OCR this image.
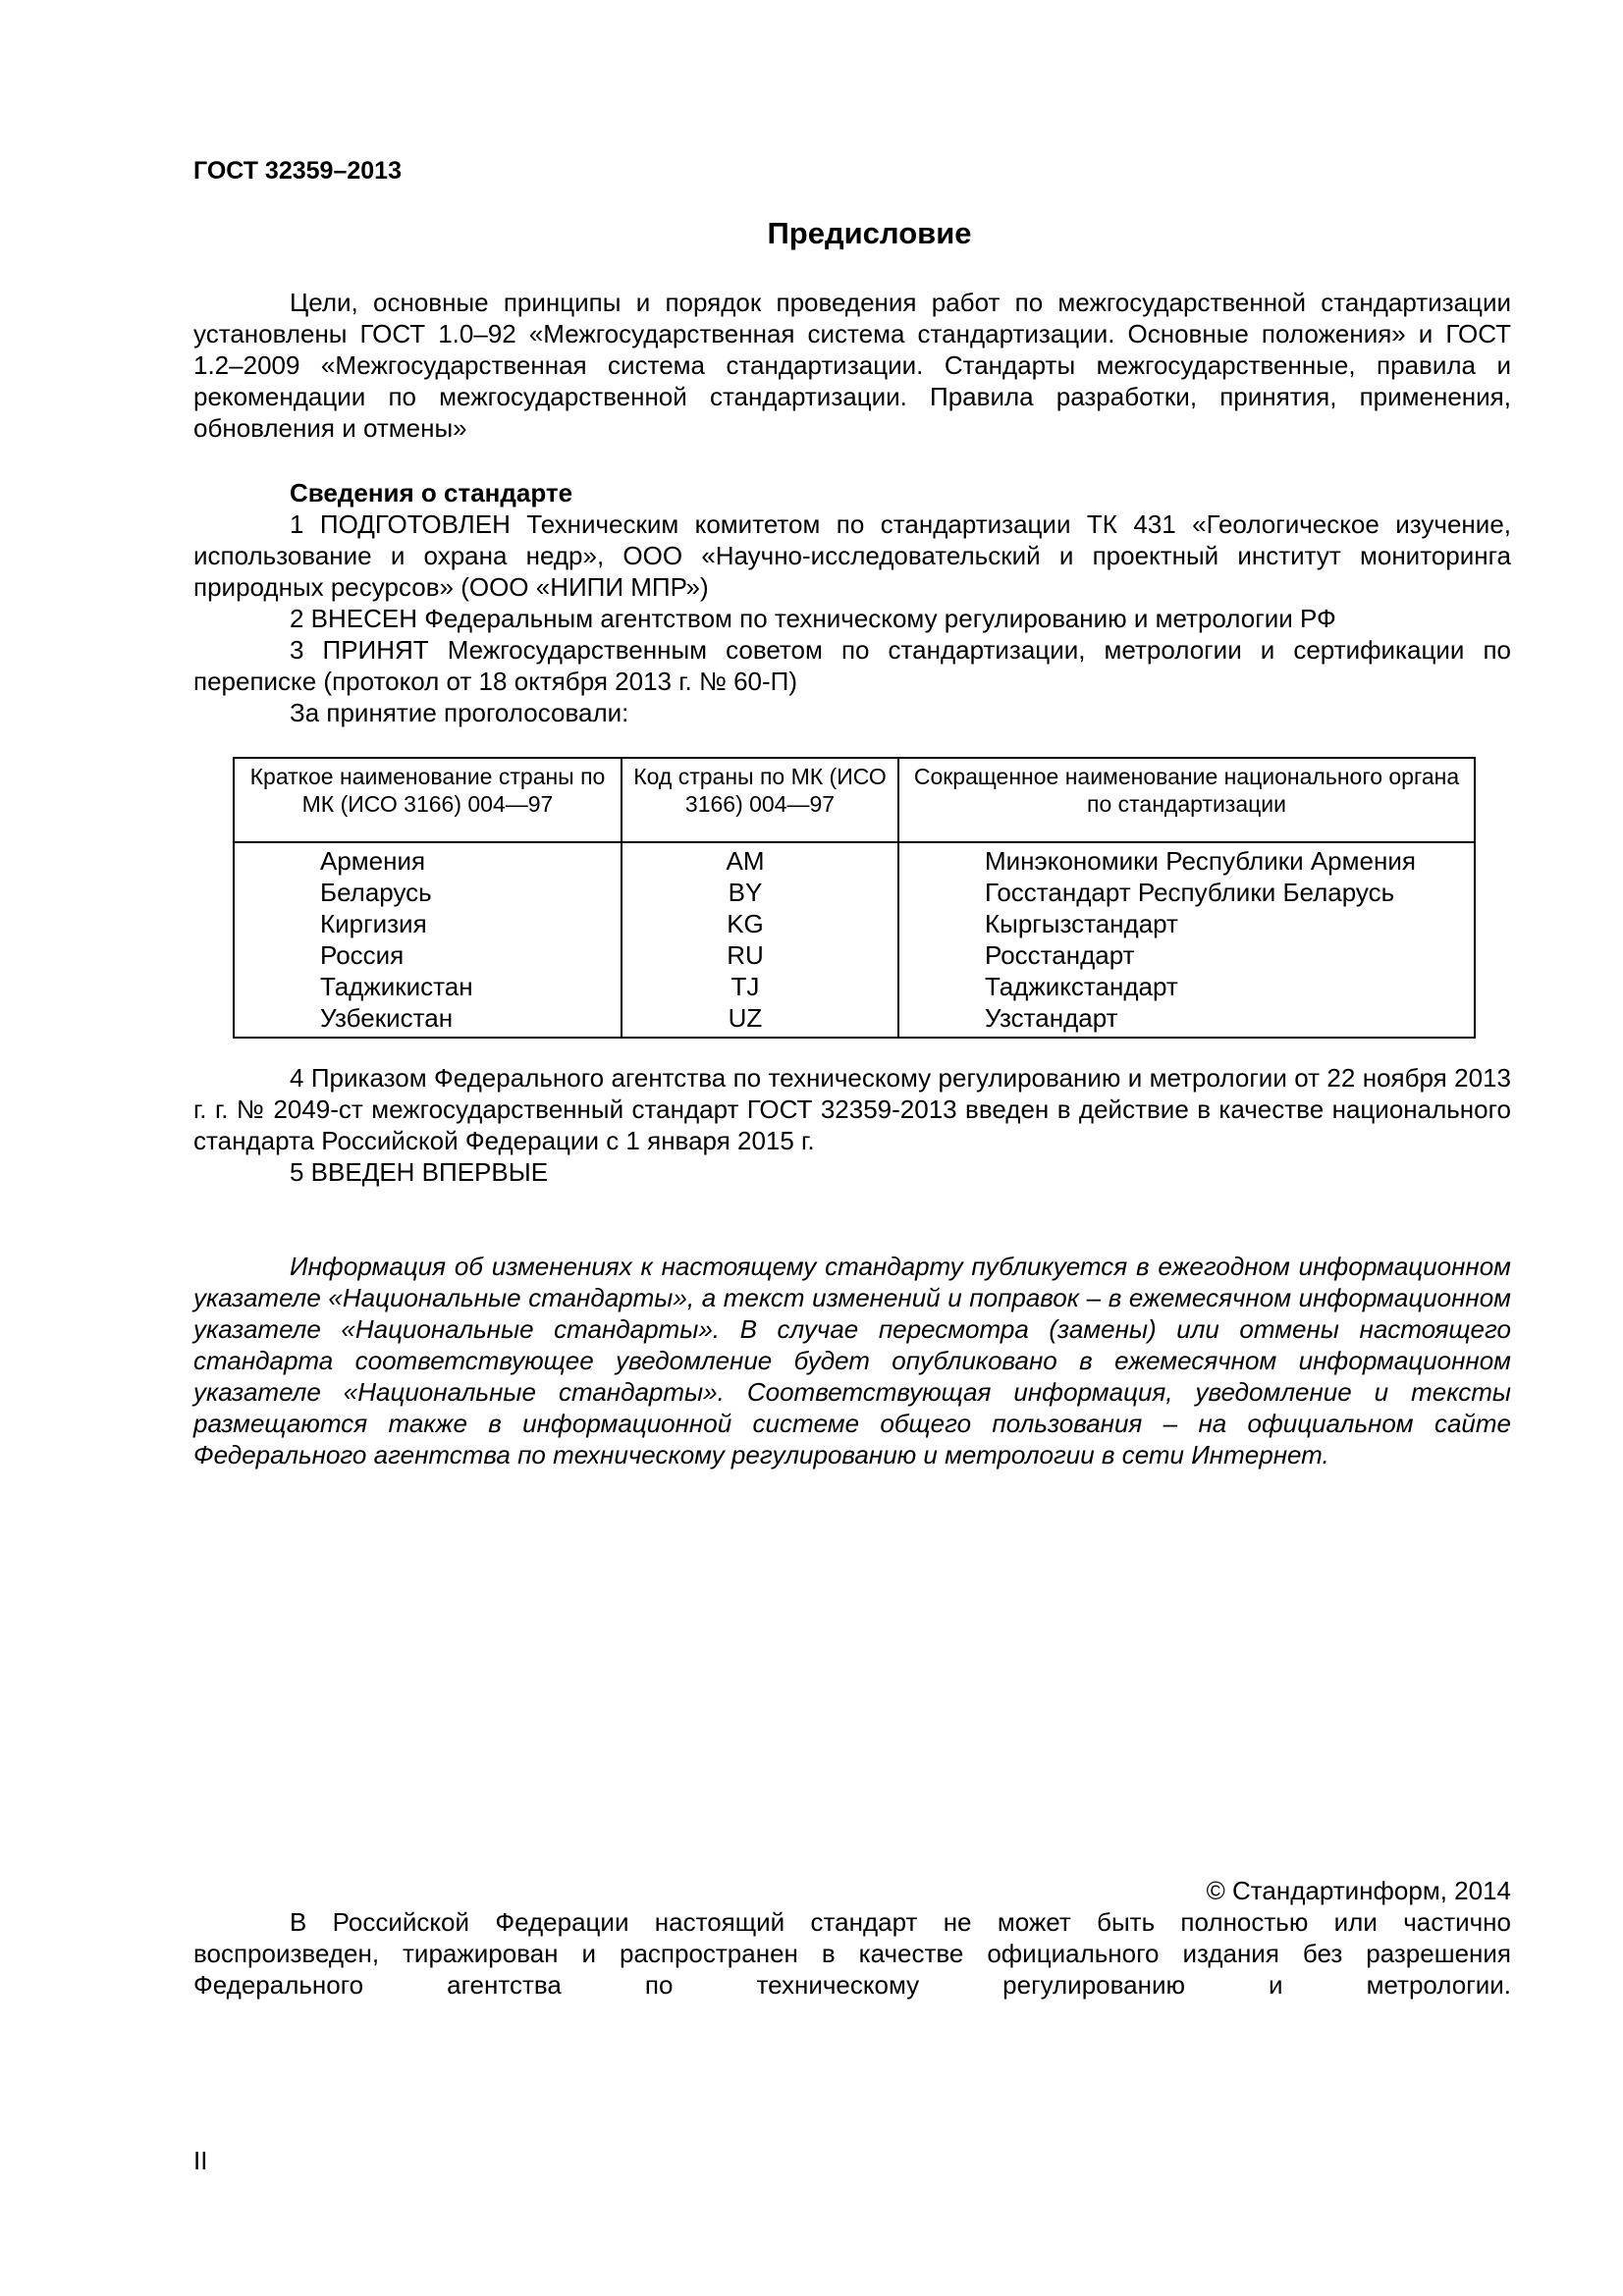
ГОСТ 32359–2013
Предисловие

Цели, основные принципы и порядок проведения работ по межгосударственной стандартизации установлены ГОСТ 1.0–92 «Межгосударственная система стандартизации. Основные положения» и ГОСТ 1.2–2009 «Межгосударственная система стандартизации. Стандарты межгосударственные, правила и рекомендации по межгосударственной стандартизации. Правила разработки, принятия, применения, обновления и отмены»

Сведения о стандарте

1 ПОДГОТОВЛЕН Техническим комитетом по стандартизации ТК 431 «Геологическое изучение, использование и охрана недр», ООО «Научно-исследовательский и проектный институт мониторинга природных ресурсов» (ООО «НИПИ МПР»)

2 ВНЕСЕН Федеральным агентством по техническому регулированию и метрологии РФ

3 ПРИНЯТ Межгосударственным советом по стандартизации, метрологии и сертификации по переписке (протокол от 18 октября 2013 г. № 60-П)

За принятие проголосовали:

Краткое наименование страны по МК (ИСО 3166) 004—97	Код страны по МК (ИСО 3166) 004—97	Сокращенное наименование национального органа по стандартизации
Армения	AM	Минэкономики Республики Армения
Беларусь	BY	Госстандарт Республики Беларусь
Киргизия	KG	Кыргызстандарт
Россия	RU	Росстандарт
Таджикистан	TJ	Таджикстандарт
Узбекистан	UZ	Узстандарт

4 Приказом Федерального агентства по техническому регулированию и метрологии от 22 ноября 2013 г. г. № 2049-ст межгосударственный стандарт ГОСТ 32359-2013 введен в действие в качестве национального стандарта Российской Федерации с 1 января 2015 г.

5 ВВЕДЕН ВПЕРВЫЕ

Информация об изменениях к настоящему стандарту публикуется в ежегодном информационном указателе «Национальные стандарты», а текст изменений и поправок – в ежемесячном информационном указателе «Национальные стандарты». В случае пересмотра (замены) или отмены настоящего стандарта соответствующее уведомление будет опубликовано в ежемесячном информационном указателе «Национальные стандарты». Соответствующая информация, уведомление и тексты размещаются также в информационной системе общего пользования – на официальном сайте Федерального агентства по техническому регулированию и метрологии в сети Интернет.

© Стандартинформ, 2014

В Российской Федерации настоящий стандарт не может быть полностью или частично воспроизведен, тиражирован и распространен в качестве официального издания без разрешения Федерального агентства по техническому регулированию и метрологии.

II
